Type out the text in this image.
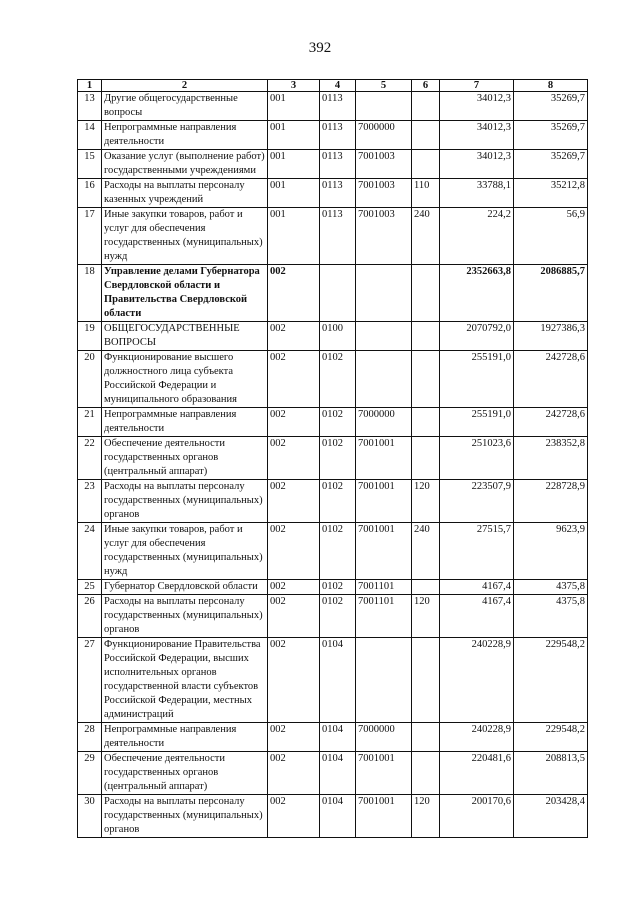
392
1	2	3	4	5	6	7	8
13	Другие общегосударственные вопросы	001	0113			34012,3	35269,7
14	Непрограммные направления деятельности	001	0113	7000000		34012,3	35269,7
15	Оказание услуг (выполнение работ) государственными учреждениями	001	0113	7001003		34012,3	35269,7
16	Расходы на выплаты персоналу казенных учреждений	001	0113	7001003	110	33788,1	35212,8
17	Иные закупки товаров, работ и услуг для обеспечения государственных (муниципальных) нужд	001	0113	7001003	240	224,2	56,9
18	Управление делами Губернатора Свердловской области и Правительства Свердловской области	002				2352663,8	2086885,7
19	ОБЩЕГОСУДАРСТВЕННЫЕ ВОПРОСЫ	002	0100			2070792,0	1927386,3
20	Функционирование высшего должностного лица субъекта Российской Федерации и муниципального образования	002	0102			255191,0	242728,6
21	Непрограммные направления деятельности	002	0102	7000000		255191,0	242728,6
22	Обеспечение деятельности государственных органов (центральный аппарат)	002	0102	7001001		251023,6	238352,8
23	Расходы на выплаты персоналу государственных (муниципальных) органов	002	0102	7001001	120	223507,9	228728,9
24	Иные закупки товаров, работ и услуг для обеспечения государственных (муниципальных) нужд	002	0102	7001001	240	27515,7	9623,9
25	Губернатор Свердловской области	002	0102	7001101		4167,4	4375,8
26	Расходы на выплаты персоналу государственных (муниципальных) органов	002	0102	7001101	120	4167,4	4375,8
27	Функционирование Правительства Российской Федерации, высших исполнительных органов государственной власти субъектов Российской Федерации, местных администраций	002	0104			240228,9	229548,2
28	Непрограммные направления деятельности	002	0104	7000000		240228,9	229548,2
29	Обеспечение деятельности государственных органов (центральный аппарат)	002	0104	7001001		220481,6	208813,5
30	Расходы на выплаты персоналу государственных (муниципальных) органов	002	0104	7001001	120	200170,6	203428,4
